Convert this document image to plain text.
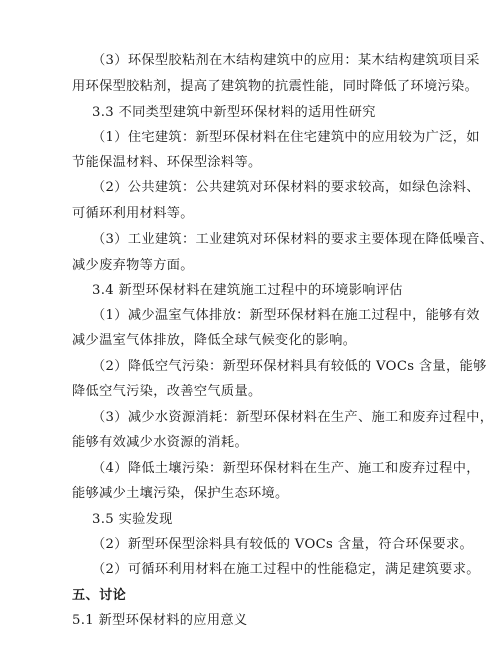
（3）环保型胶粘剂在木结构建筑中的应用：某木结构建筑项目采
用环保型胶粘剂，提高了建筑物的抗震性能，同时降低了环境污染。
3.3 不同类型建筑中新型环保材料的适用性研究
（1）住宅建筑：新型环保材料在住宅建筑中的应用较为广泛，如
节能保温材料、环保型涂料等。
（2）公共建筑：公共建筑对环保材料的要求较高，如绿色涂料、
可循环利用材料等。
（3）工业建筑：工业建筑对环保材料的要求主要体现在降低噪音、
减少废弃物等方面。
3.4 新型环保材料在建筑施工过程中的环境影响评估
（1）减少温室气体排放：新型环保材料在施工过程中，能够有效
减少温室气体排放，降低全球气候变化的影响。
（2）降低空气污染：新型环保材料具有较低的 VOCs 含量，能够
降低空气污染，改善空气质量。
（3）减少水资源消耗：新型环保材料在生产、施工和废弃过程中，
能够有效减少水资源的消耗。
（4）降低土壤污染：新型环保材料在生产、施工和废弃过程中，
能够减少土壤污染，保护生态环境。
3.5 实验发现
（2）新型环保型涂料具有较低的 VOCs 含量，符合环保要求。
（2）可循环利用材料在施工过程中的性能稳定，满足建筑要求。
五、讨论
5.1 新型环保材料的应用意义
